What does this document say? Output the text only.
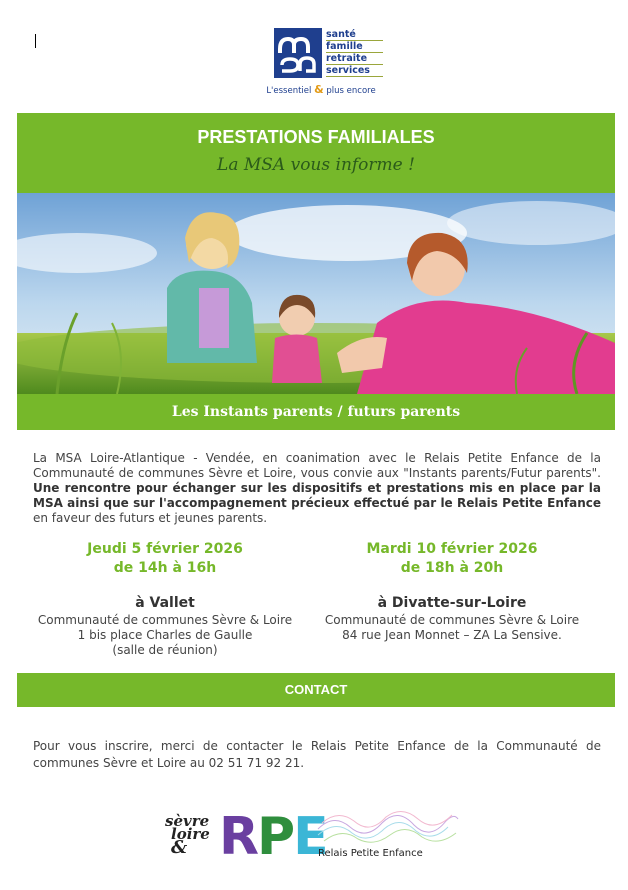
santé
famille
retraite
services
L'essentiel & plus encore
PRESTATIONS FAMILIALES
La MSA vous informe !
Les Instants parents / futurs parents
La MSA Loire-Atlantique - Vendée, en coanimation avec le Relais Petite Enfance de la Communauté de communes Sèvre et Loire, vous convie aux "Instants parents/Futur parents". Une rencontre pour échanger sur les dispositifs et prestations mis en place par la MSA ainsi que sur l'accompagnement précieux effectué par le Relais Petite Enfance en faveur des futurs et jeunes parents.
Jeudi 5 février 2026
de 14h à 16h
à Vallet
Communauté de communes Sèvre & Loire
1 bis place Charles de Gaulle
(salle de réunion)
Mardi 10 février 2026
de 18h à 20h
à Divatte-sur-Loire
Communauté de communes Sèvre & Loire
84 rue Jean Monnet – ZA La Sensive.
CONTACT
Pour vous inscrire, merci de contacter le Relais Petite Enfance de la Communauté de communes Sèvre et Loire au 02 51 71 92 21.
sèvre
loire
& R P E
Relais Petite Enfance
